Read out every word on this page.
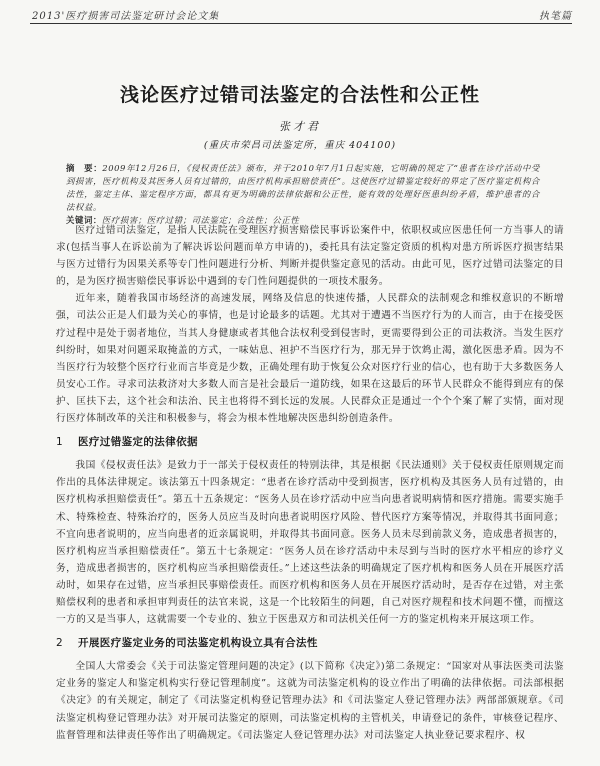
2013'医疗损害司法鉴定研讨会论文集	执笔篇
浅论医疗过错司法鉴定的合法性和公正性
张才君
(重庆市荣昌司法鉴定所，重庆 404100)
摘　要：2009年12月26日，《侵权责任法》颁布，并于2010年7月1日起实施，它明确的规定了“患者在诊疗活动中受到损害，医疗机构及其医务人员有过错的，由医疗机构承担赔偿责任”。这使医疗过错鉴定较好的界定了医疗鉴定机构合法性，鉴定主体、鉴定程序方面，都具有更为明确的法律依据和公正性，能有效的处理好医患纠纷矛盾，维护患者的合法权益。
关键词：医疗损害；医疗过错；司法鉴定；合法性；公正性

医疗过错司法鉴定，是指人民法院在受理医疗损害赔偿民事诉讼案件中，依职权或应医患任何一方当事人的请求(包括当事人在诉讼前为了解决诉讼问题而单方申请的)，委托具有法定鉴定资质的机构对患方所诉医疗损害结果与医方过错行为因果关系等专门性问题进行分析、判断并提供鉴定意见的活动。由此可见，医疗过错司法鉴定的目的，是为医疗损害赔偿民事诉讼中遇到的专门性问题提供的一项技术服务。

近年来，随着我国市场经济的高速发展，网络及信息的快速传播，人民群众的法制观念和维权意识的不断增强，司法公正是人们最为关心的事情，也是讨论最多的话题。尤其对于遭遇不当医疗行为的人而言，由于在接受医疗过程中是处于弱者地位，当其人身健康或者其他合法权利受到侵害时，更需要得到公正的司法救济。当发生医疗纠纷时，如果对问题采取掩盖的方式，一味姑息、袒护不当医疗行为，那无异于饮鸩止渴，激化医患矛盾。因为不当医疗行为较整个医疗行业而言毕竟是少数，正确处理有助于恢复公众对医疗行业的信心，也有助于大多数医务人员安心工作。寻求司法救济对大多数人而言是社会最后一道防线，如果在这最后的环节人民群众不能得到应有的保护、匡扶下去，这个社会和法治、民主也将得不到长远的发展。人民群众正是通过一个个个案了解了实情，面对现行医疗体制改革的关注和积极参与，将会为根本性地解决医患纠纷创造条件。

1 医疗过错鉴定的法律依据

我国《侵权责任法》是致力于一部关于侵权责任的特别法律，其是根据《民法通则》关于侵权责任原则规定而作出的具体法律规定。该法第五十四条规定：“患者在诊疗活动中受到损害，医疗机构及其医务人员有过错的，由医疗机构承担赔偿责任”。第五十五条规定：“医务人员在诊疗活动中应当向患者说明病情和医疗措施。需要实施手术、特殊检查、特殊治疗的，医务人员应当及时向患者说明医疗风险、替代医疗方案等情况，并取得其书面同意；不宜向患者说明的，应当向患者的近亲属说明，并取得其书面同意。医务人员未尽到前款义务，造成患者损害的，医疗机构应当承担赔偿责任”。第五十七条规定：“医务人员在诊疗活动中未尽到与当时的医疗水平相应的诊疗义务，造成患者损害的，医疗机构应当承担赔偿责任。”上述这些法条的明确规定了医疗机构和医务人员在开展医疗活动时，如果存在过错，应当承担民事赔偿责任。而医疗机构和医务人员在开展医疗活动时，是否存在过错，对主张赔偿权利的患者和承担审判责任的法官来说，这是一个比较陌生的问题，自己对医疗规程和技术问题不懂，而擅这一方的又是当事人，这就需要一个专业的、独立于医患双方和司法机关任何一方的鉴定机构来开展这项工作。

2 开展医疗鉴定业务的司法鉴定机构设立具有合法性

全国人大常委会《关于司法鉴定管理问题的决定》(以下简称《决定》)第二条规定：“国家对从事法医类司法鉴定业务的鉴定人和鉴定机构实行登记管理制度”。这就为司法鉴定机构的设立作出了明确的法律依据。司法部根据《决定》的有关规定，制定了《司法鉴定机构登记管理办法》和《司法鉴定人登记管理办法》两部部颁规章。《司法鉴定机构登记管理办法》对开展司法鉴定的原则，司法鉴定机构的主管机关，申请登记的条件，审核登记程序、监督管理和法律责任等作出了明确规定。《司法鉴定人登记管理办法》对司法鉴定人执业登记要求程序、权
